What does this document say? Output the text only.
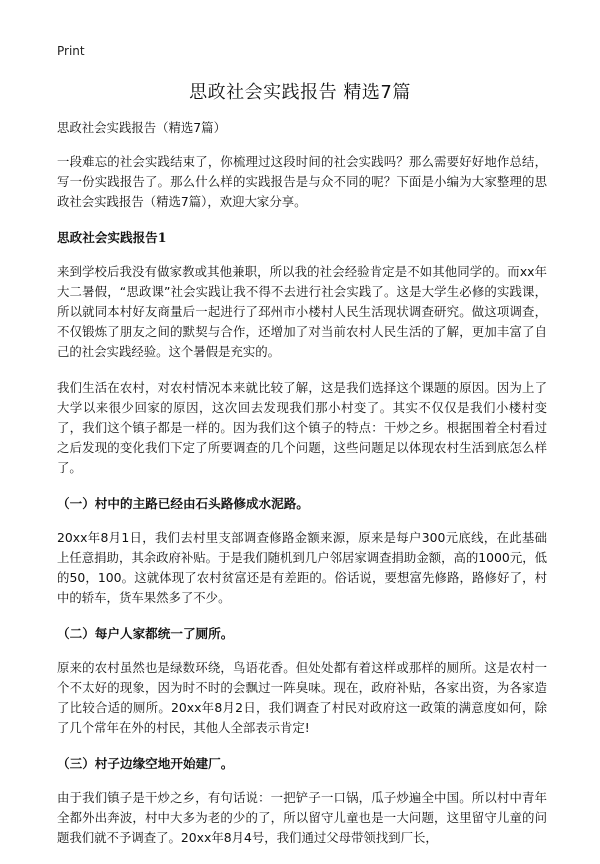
Print
思政社会实践报告 精选7篇

思政社会实践报告（精选7篇）

一段难忘的社会实践结束了，你梳理过这段时间的社会实践吗？那么需要好好地作总结，写一份实践报告了。那么什么样的实践报告是与众不同的呢？下面是小编为大家整理的思政社会实践报告（精选7篇），欢迎大家分享。

思政社会实践报告1

来到学校后我没有做家教或其他兼职，所以我的社会经验肯定是不如其他同学的。而xx年大二暑假，“思政课”社会实践让我不得不去进行社会实践了。这是大学生必修的实践课，所以就同本村好友商量后一起进行了邳州市小楼村人民生活现状调查研究。做这项调查，不仅锻炼了朋友之间的默契与合作，还增加了对当前农村人民生活的了解，更加丰富了自己的社会实践经验。这个暑假是充实的。

我们生活在农村，对农村情况本来就比较了解，这是我们选择这个课题的原因。因为上了大学以来很少回家的原因，这次回去发现我们那小村变了。其实不仅仅是我们小楼村变了，我们这个镇子都是一样的。因为我们这个镇子的特点：干炒之乡。根据围着全村看过之后发现的变化我们下定了所要调查的几个问题，这些问题足以体现农村生活到底怎么样了。

（一）村中的主路已经由石头路修成水泥路。

20xx年8月1日，我们去村里支部调查修路金额来源，原来是每户300元底线，在此基础上任意捐助，其余政府补贴。于是我们随机到几户邻居家调查捐助金额，高的1000元，低的50，100。这就体现了农村贫富还是有差距的。俗话说，要想富先修路，路修好了，村中的轿车，货车果然多了不少。

（二）每户人家都统一了厕所。

原来的农村虽然也是绿数环绕，鸟语花香。但处处都有着这样或那样的厕所。这是农村一个不太好的现象，因为时不时的会飘过一阵臭味。现在，政府补贴，各家出资，为各家造了比较合适的厕所。20xx年8月2日，我们调查了村民对政府这一政策的满意度如何，除了几个常年在外的村民，其他人全部表示肯定!

（三）村子边缘空地开始建厂。

由于我们镇子是干炒之乡，有句话说：一把铲子一口锅，瓜子炒遍全中国。所以村中青年全都外出奔波，村中大多为老的少的了，所以留守儿童也是一大问题，这里留守儿童的问题我们就不予调查了。20xx年8月4号，我们通过父母带领找到厂长，
